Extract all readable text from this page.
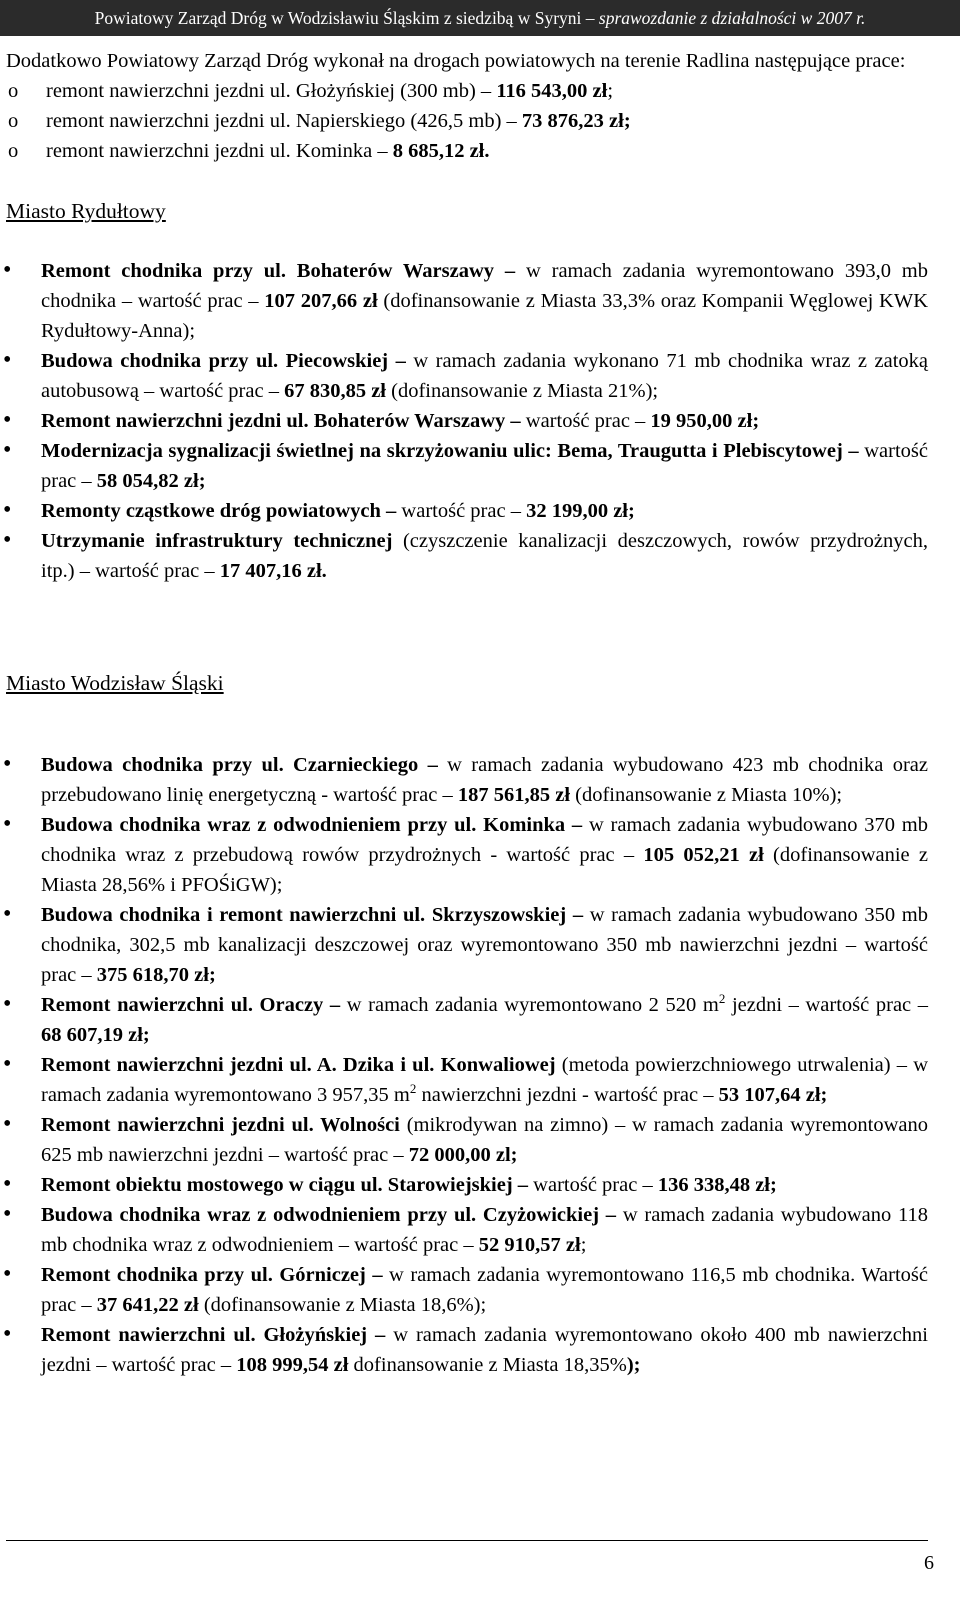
Powiatowy Zarząd Dróg w Wodzisławiu Śląskim z siedzibą w Syryni – sprawozdanie z działalności w 2007 r.

Dodatkowo Powiatowy Zarząd Dróg wykonał na drogach powiatowych na terenie Radlina następujące prace:

o remont nawierzchni jezdni ul. Głożyńskiej (300 mb) – 116 543,00 zł;
o remont nawierzchni jezdni ul. Napierskiego (426,5 mb) – 73 876,23 zł;
o remont nawierzchni jezdni ul. Kominka – 8 685,12 zł.
Miasto Rydułtowy
• Remont chodnika przy ul. Bohaterów Warszawy – w ramach zadania wyremontowano 393,0 mb chodnika – wartość prac – 107 207,66 zł (dofinansowanie z Miasta 33,3% oraz Kompanii Węglowej KWK Rydułtowy-Anna);
• Budowa chodnika przy ul. Piecowskiej – w ramach zadania wykonano 71 mb chodnika wraz z zatoką autobusową – wartość prac – 67 830,85 zł (dofinansowanie z Miasta 21%);
• Remont nawierzchni jezdni ul. Bohaterów Warszawy – wartość prac – 19 950,00 zł;
• Modernizacja sygnalizacji świetlnej na skrzyżowaniu ulic: Bema, Traugutta i Plebiscytowej – wartość prac – 58 054,82 zł;
• Remonty cząstkowe dróg powiatowych – wartość prac – 32 199,00 zł;
• Utrzymanie infrastruktury technicznej (czyszczenie kanalizacji deszczowych, rowów przydrożnych, itp.) – wartość prac – 17 407,16 zł.
Miasto Wodzisław Śląski
• Budowa chodnika przy ul. Czarnieckiego – w ramach zadania wybudowano 423 mb chodnika oraz przebudowano linię energetyczną - wartość prac – 187 561,85 zł (dofinansowanie z Miasta 10%);
• Budowa chodnika wraz z odwodnieniem przy ul. Kominka – w ramach zadania wybudowano 370 mb chodnika wraz z przebudową rowów przydrożnych - wartość prac – 105 052,21 zł (dofinansowanie z Miasta 28,56% i PFOŚiGW);
• Budowa chodnika i remont nawierzchni ul. Skrzyszowskiej – w ramach zadania wybudowano 350 mb chodnika, 302,5 mb kanalizacji deszczowej oraz wyremontowano 350 mb nawierzchni jezdni – wartość prac – 375 618,70 zł;
• Remont nawierzchni ul. Oraczy – w ramach zadania wyremontowano 2 520 $m^2$ jezdni – wartość prac – 68 607,19 zł;
• Remont nawierzchni jezdni ul. A. Dzika i ul. Konwaliowej (metoda powierzchniowego utrwalenia) – w ramach zadania wyremontowano 3 957,35 $m^2$ nawierzchni jezdni - wartość prac – 53 107,64 zł;
• Remont nawierzchni jezdni ul. Wolności (mikrodywan na zimno) – w ramach zadania wyremontowano 625 mb nawierzchni jezdni – wartość prac – 72 000,00 zl;
• Remont obiektu mostowego w ciągu ul. Starowiejskiej – wartość prac – 136 338,48 zł;
• Budowa chodnika wraz z odwodnieniem przy ul. Czyżowickiej – w ramach zadania wybudowano 118 mb chodnika wraz z odwodnieniem – wartość prac – 52 910,57 zł;
• Remont chodnika przy ul. Górniczej – w ramach zadania wyremontowano 116,5 mb chodnika. Wartość prac – 37 641,22 zł (dofinansowanie z Miasta 18,6%);
• Remont nawierzchni ul. Głożyńskiej – w ramach zadania wyremontowano około 400 mb nawierzchni jezdni – wartość prac – 108 999,54 zł dofinansowanie z Miasta 18,35%);
6
